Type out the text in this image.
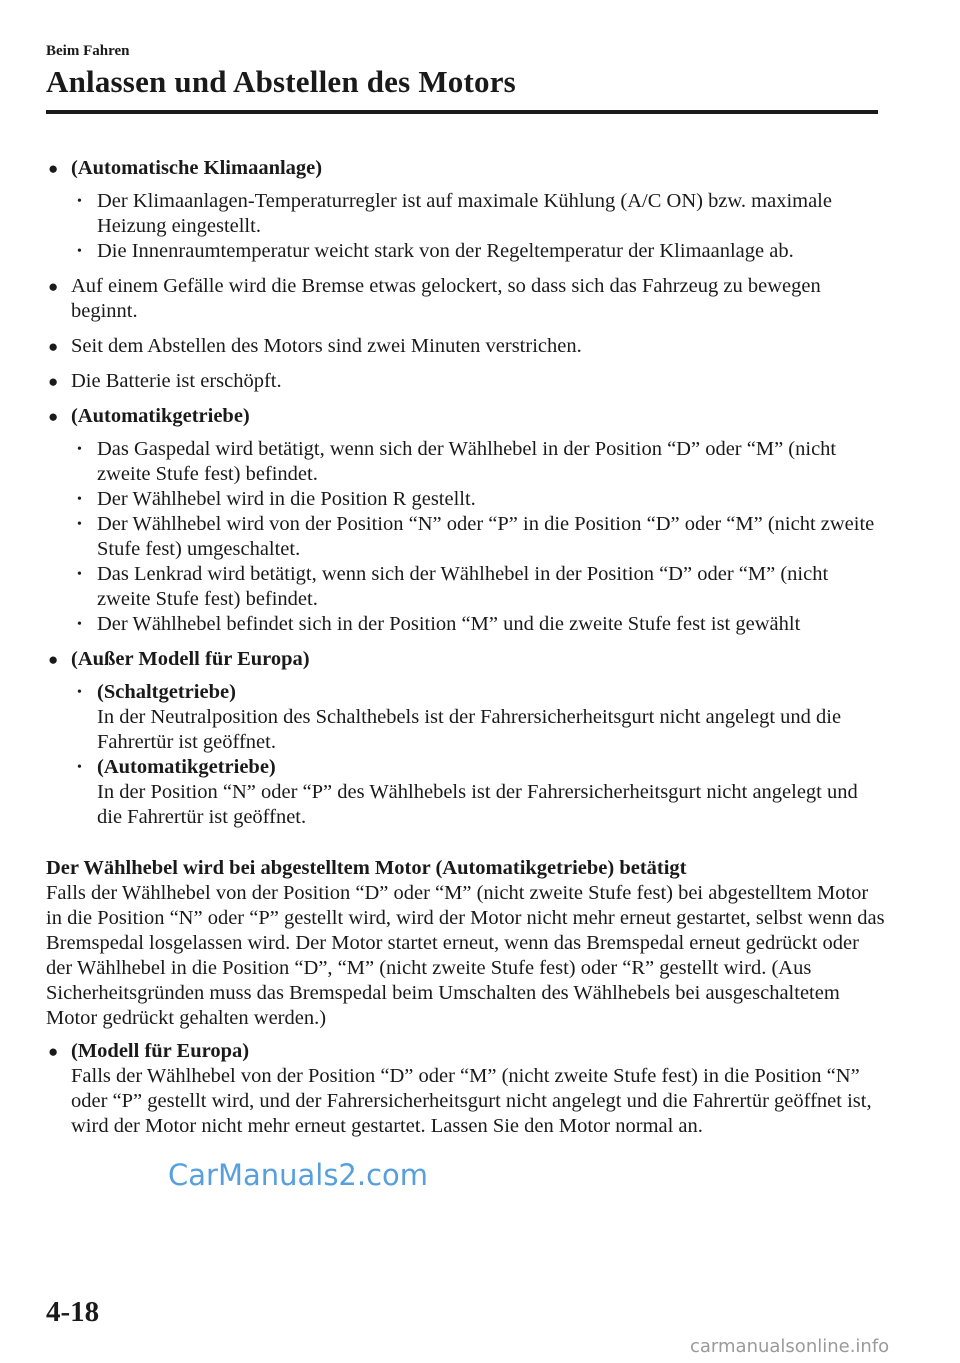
Beim Fahren
Anlassen und Abstellen des Motors
● (Automatische Klimaanlage)
• Der Klimaanlagen-Temperaturregler ist auf maximale Kühlung (A/C ON) bzw. maximale Heizung eingestellt.
• Die Innenraumtemperatur weicht stark von der Regeltemperatur der Klimaanlage ab.
● Auf einem Gefälle wird die Bremse etwas gelockert, so dass sich das Fahrzeug zu bewegen beginnt.
● Seit dem Abstellen des Motors sind zwei Minuten verstrichen.
● Die Batterie ist erschöpft.
● (Automatikgetriebe)
• Das Gaspedal wird betätigt, wenn sich der Wählhebel in der Position “D” oder “M” (nicht zweite Stufe fest) befindet.
• Der Wählhebel wird in die Position R gestellt.
• Der Wählhebel wird von der Position “N” oder “P” in die Position “D” oder “M” (nicht zweite Stufe fest) umgeschaltet.
• Das Lenkrad wird betätigt, wenn sich der Wählhebel in der Position “D” oder “M” (nicht zweite Stufe fest) befindet.
• Der Wählhebel befindet sich in der Position “M” und die zweite Stufe fest ist gewählt
● (Außer Modell für Europa)
• (Schaltgetriebe)
In der Neutralposition des Schalthebels ist der Fahrersicherheitsgurt nicht angelegt und die Fahrertür ist geöffnet.
• (Automatikgetriebe)
In der Position “N” oder “P” des Wählhebels ist der Fahrersicherheitsgurt nicht angelegt und die Fahrertür ist geöffnet.
Der Wählhebel wird bei abgestelltem Motor (Automatikgetriebe) betätigt
Falls der Wählhebel von der Position “D” oder “M” (nicht zweite Stufe fest) bei abgestelltem Motor in die Position “N” oder “P” gestellt wird, wird der Motor nicht mehr erneut gestartet, selbst wenn das Bremspedal losgelassen wird. Der Motor startet erneut, wenn das Bremspedal erneut gedrückt oder der Wählhebel in die Position “D”, “M” (nicht zweite Stufe fest) oder “R” gestellt wird. (Aus Sicherheitsgründen muss das Bremspedal beim Umschalten des Wählhebels bei ausgeschaltetem Motor gedrückt gehalten werden.)
● (Modell für Europa)
Falls der Wählhebel von der Position “D” oder “M” (nicht zweite Stufe fest) in die Position “N” oder “P” gestellt wird, und der Fahrersicherheitsgurt nicht angelegt und die Fahrertür geöffnet ist, wird der Motor nicht mehr erneut gestartet. Lassen Sie den Motor normal an.
CarManuals2.com
4-18
carmanualsonline.info
